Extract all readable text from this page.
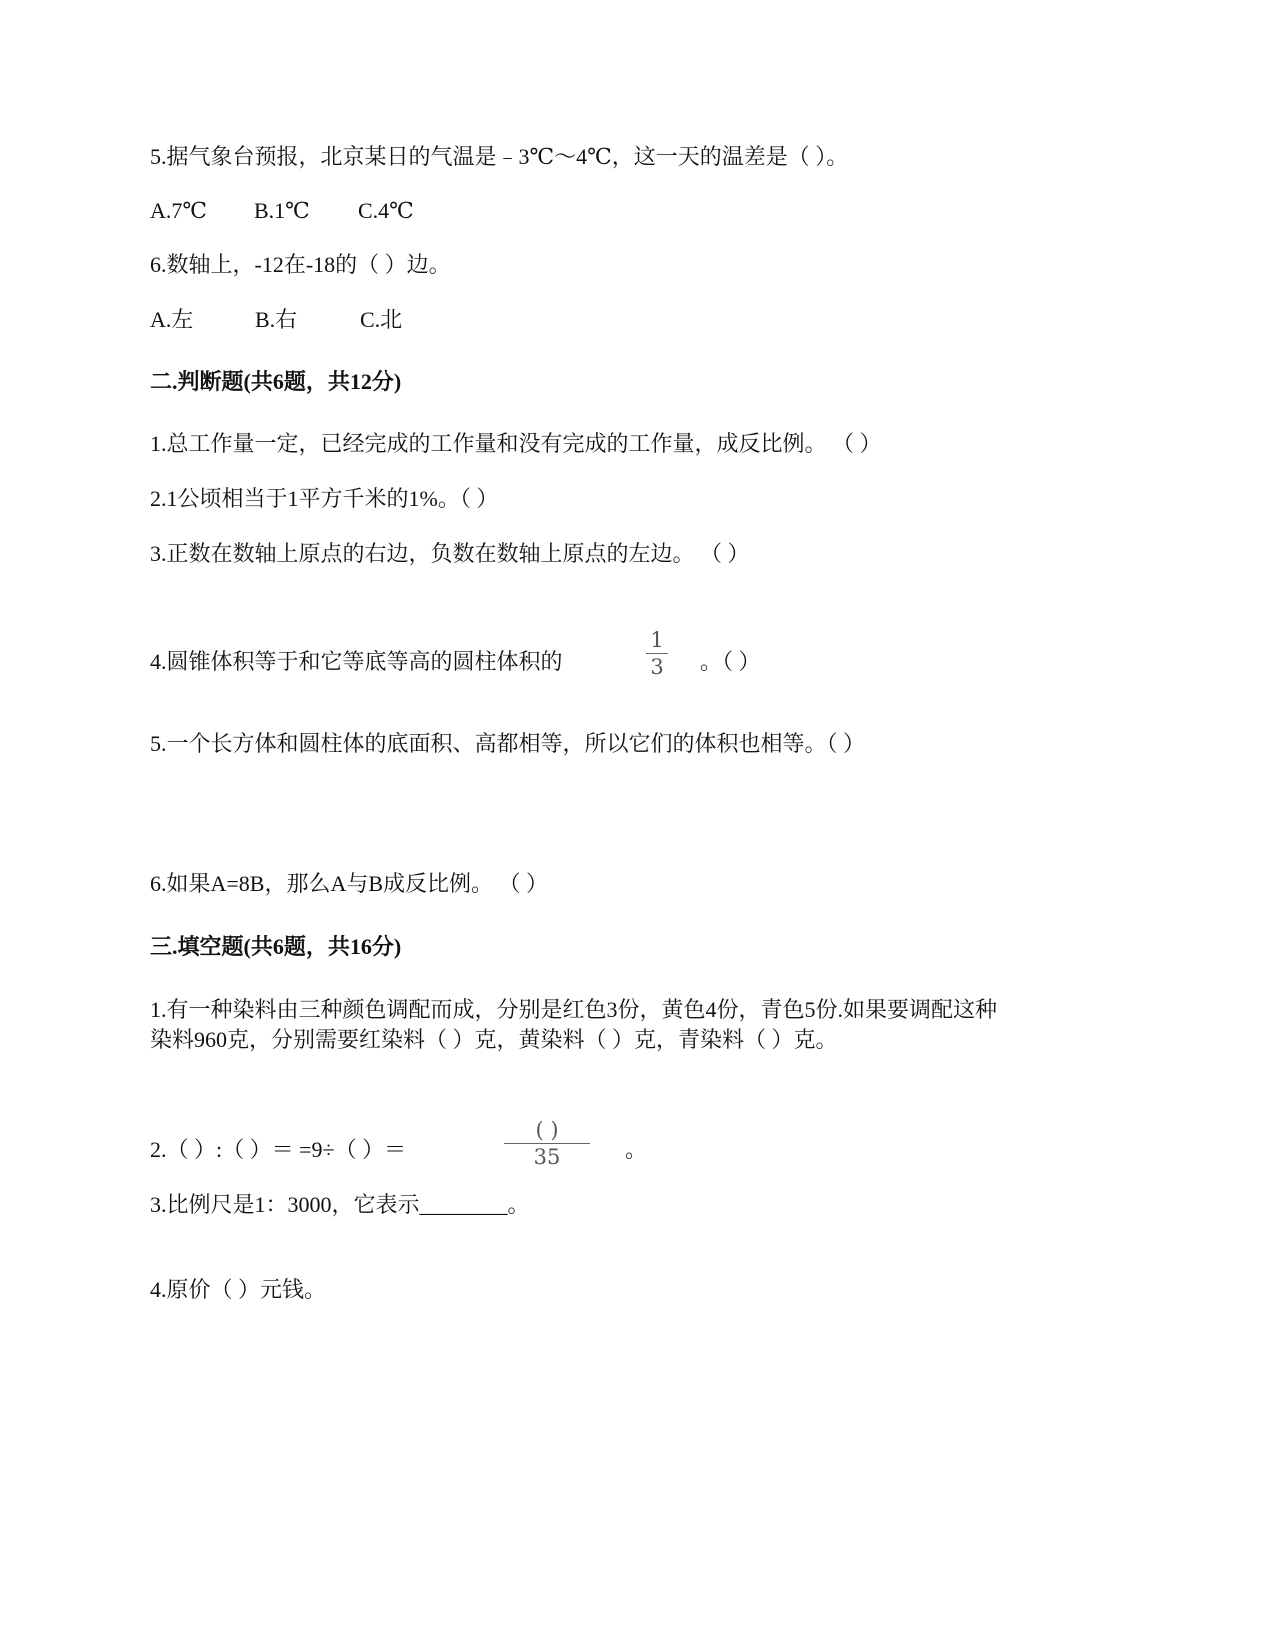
5.据气象台预报，北京某日的气温是﹣3℃～4℃，这一天的温差是（ ）。
A.7℃ B.1℃ C.4℃
6.数轴上，-12在-18的（ ）边。
A.左	B.右	C.北
二.判断题(共6题，共12分)
1.总工作量一定，已经完成的工作量和没有完成的工作量，成反比例。 （ ）
2.1公顷相当于1平方千米的1%。（ ）
3.正数在数轴上原点的右边，负数在数轴上原点的左边。 （ ）
4.圆锥体积等于和它等底等高的圆柱体积的
1
3 。（ ）
5.一个长方体和圆柱体的底面积、高都相等，所以它们的体积也相等。（ ）
6.如果A=8B，那么A与B成反比例。 （ ）
三.填空题(共6题，共16分)
1.有一种染料由三种颜色调配而成，分别是红色3份，黄色4份，青色5份.如果要调配这种
染料960克，分别需要红染料（ ）克，黄染料（ ）克，青染料（ ）克。
2.（ ）:（ ）＝ =9÷（ ）＝
( )
35	。
3.比例尺是1：3000，它表示________。
4.原价（ ）元钱。
